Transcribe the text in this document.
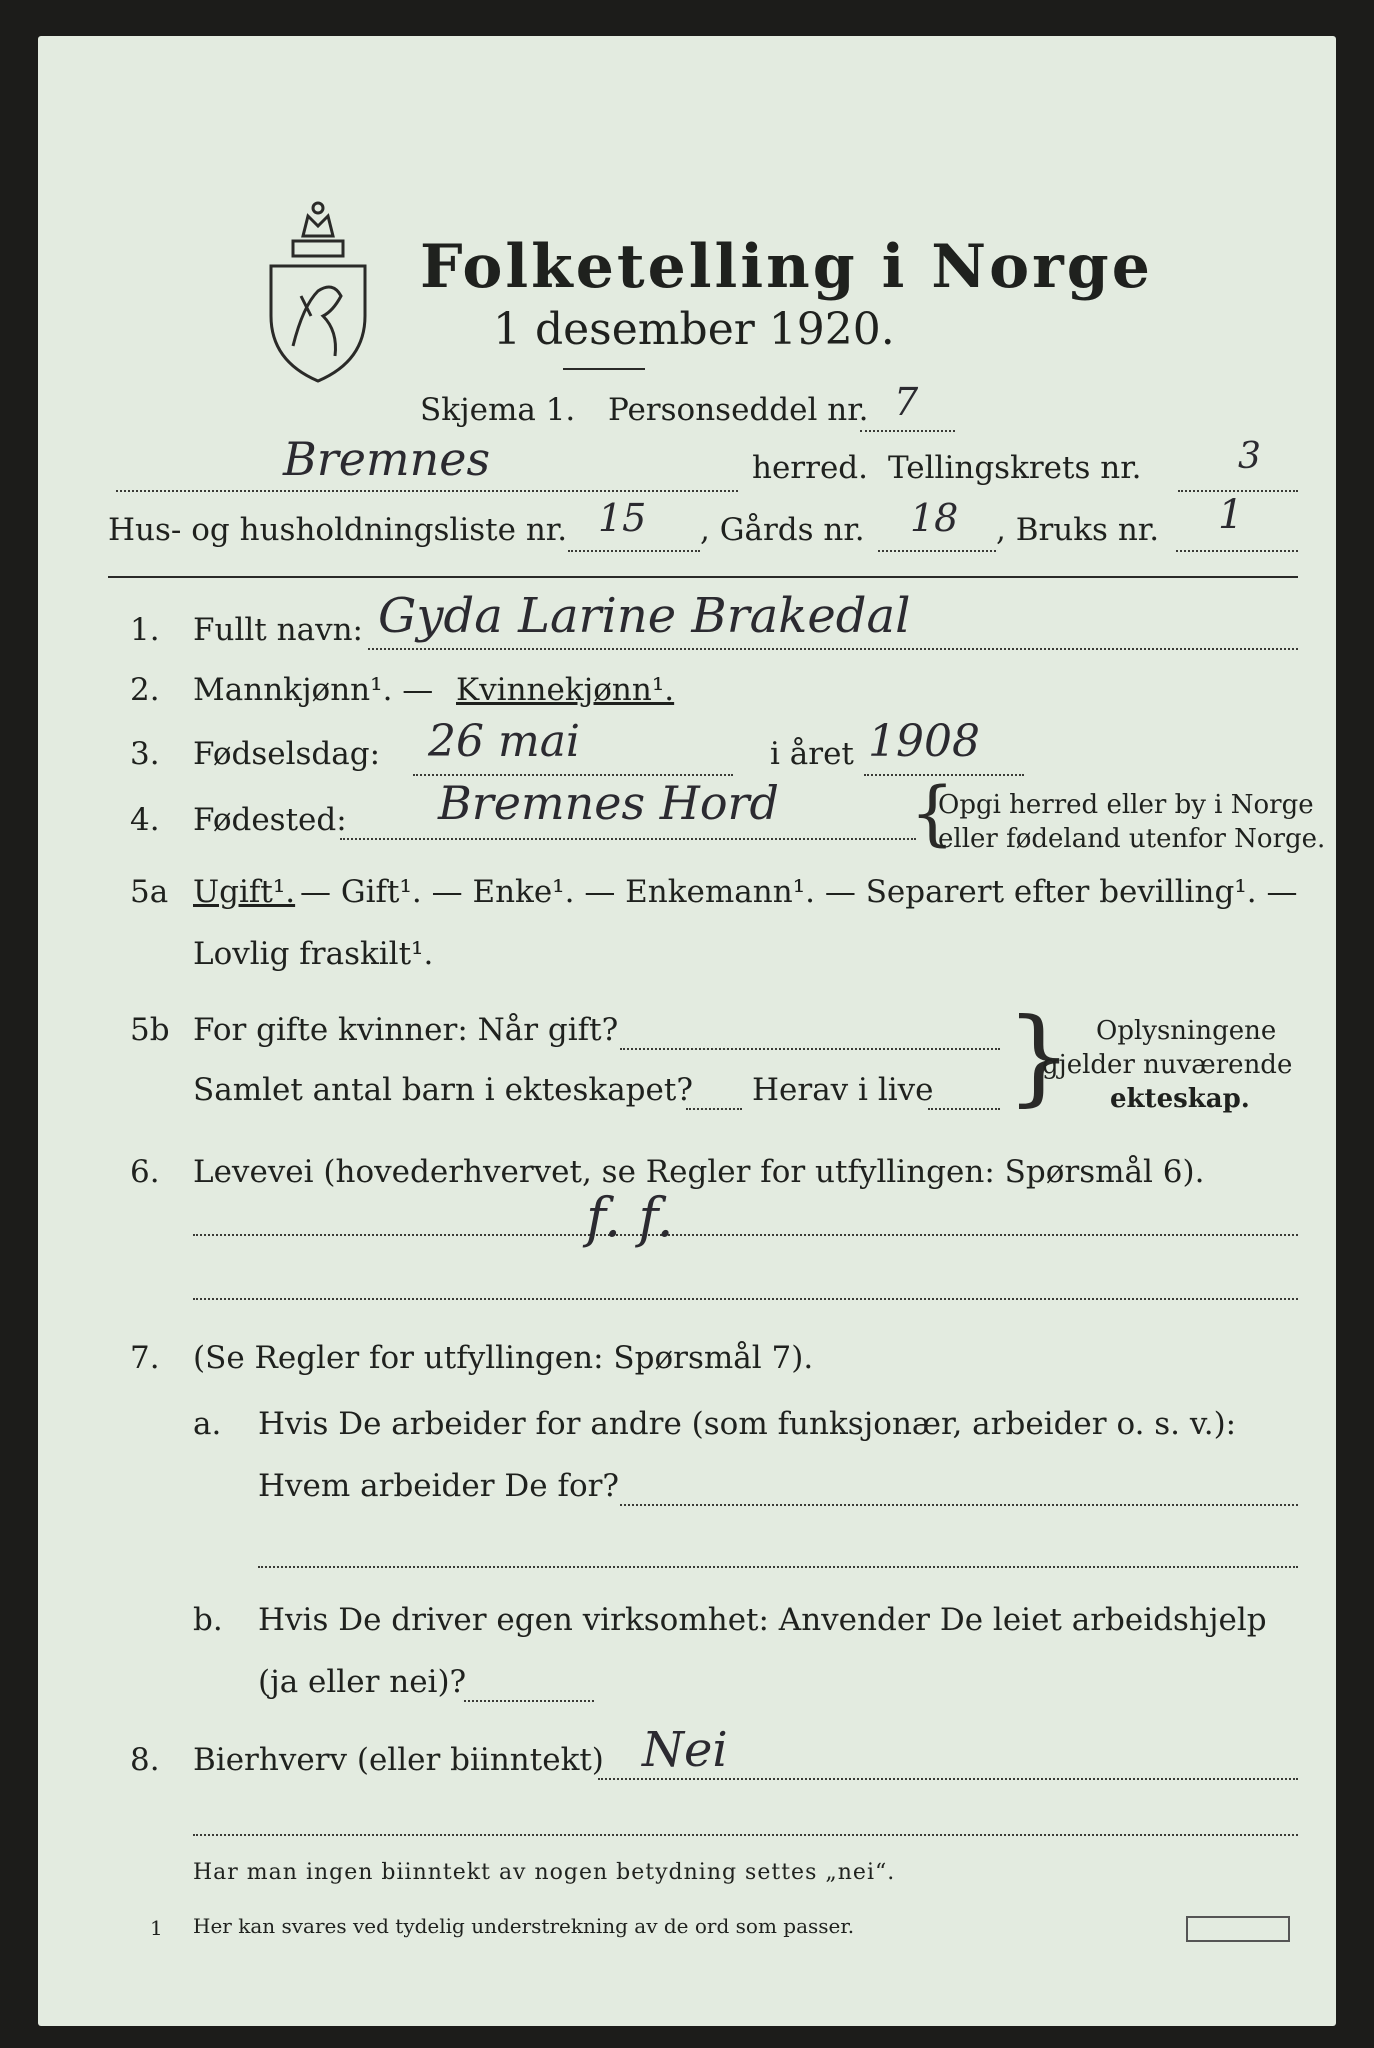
Folketelling i Norge
1 desember 1920.
Skjema 1. Personseddel nr. 7
Bremnes	herred. Tellingskrets nr.	3
Hus- og husholdningsliste nr. 15 , Gårds nr. 18 , Bruks nr. 1
1. Fullt navn: Gyda Larine Brakedal
2. Mannkjønn¹. — Kvinnekjønn¹.
3. Fødselsdag: 26 mai	i året 1908
4. Fødested: Bremnes Hord {
Opgi herred eller by i Norge
eller fødeland utenfor Norge.
5a Ugift¹. — Gift¹. — Enke¹. — Enkemann¹. — Separert efter bevilling¹. —
Lovlig fraskilt¹.
5b For gifte kvinner: Når gift?
Samlet antal barn i ekteskapet? Herav i live } Oplysningene
gjelder nuværende
ekteskap.
6. Levevei (hovederhvervet, se Regler for utfyllingen: Spørsmål 6).
f. f.
7. (Se Regler for utfyllingen: Spørsmål 7).
a. Hvis De arbeider for andre (som funksjonær, arbeider o. s. v.):
Hvem arbeider De for?
b. Hvis De driver egen virksomhet: Anvender De leiet arbeidshjelp
(ja eller nei)?
8. Bierhverv (eller biinntekt) Nei
Har man ingen biinntekt av nogen betydning settes „nei“.
1 Her kan svares ved tydelig understrekning av de ord som passer.
